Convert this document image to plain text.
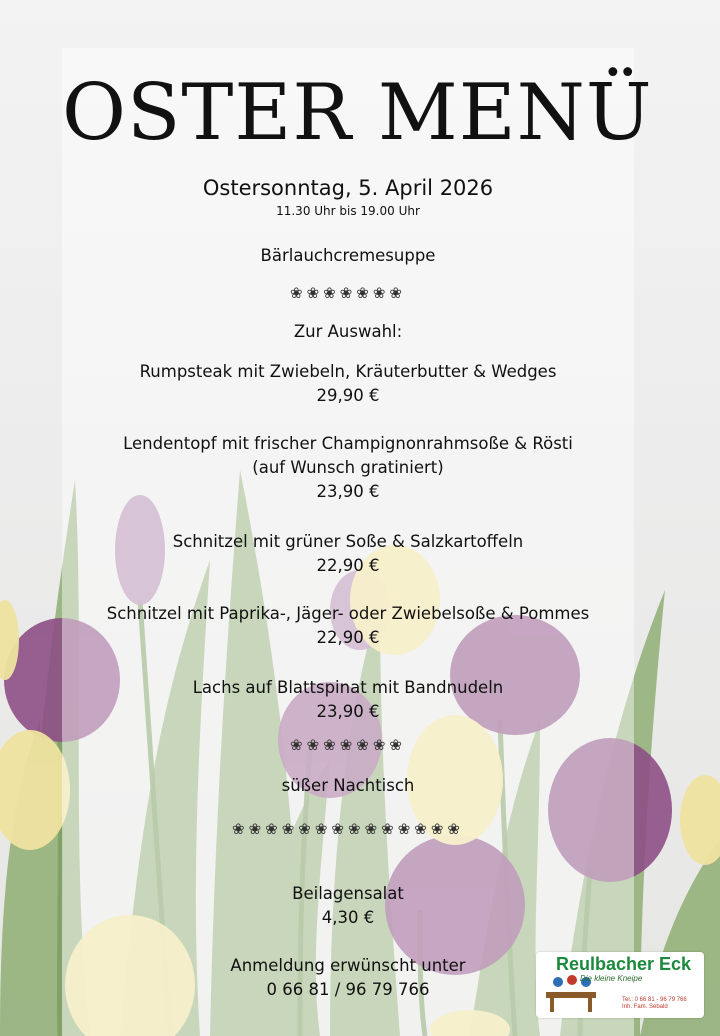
OSTER MENÜ
Ostersonntag, 5. April 2026
11.30 Uhr bis 19.00 Uhr
Bärlauchcremesuppe
❀❀❀❀❀❀❀
Zur Auswahl:
Rumpsteak mit Zwiebeln, Kräuterbutter & Wedges
29,90 €
Lendentopf mit frischer Champignonrahmsoße & Rösti
(auf Wunsch gratiniert)
23,90 €
Schnitzel mit grüner Soße & Salzkartoffeln
22,90 €
Schnitzel mit Paprika-, Jäger- oder Zwiebelsoße & Pommes
22,90 €
Lachs auf Blattspinat mit Bandnudeln
23,90 €
❀❀❀❀❀❀❀
süßer Nachtisch
❀❀❀❀❀❀❀❀❀❀❀❀❀❀
Beilagensalat
4,30 €
Anmeldung erwünscht unter
0 66 81 / 96 79 766
Reulbacher Eck
Die kleine Kneipe
Tel.: 0 66 81 - 96 79 766
Inh. Fam. Sebald
